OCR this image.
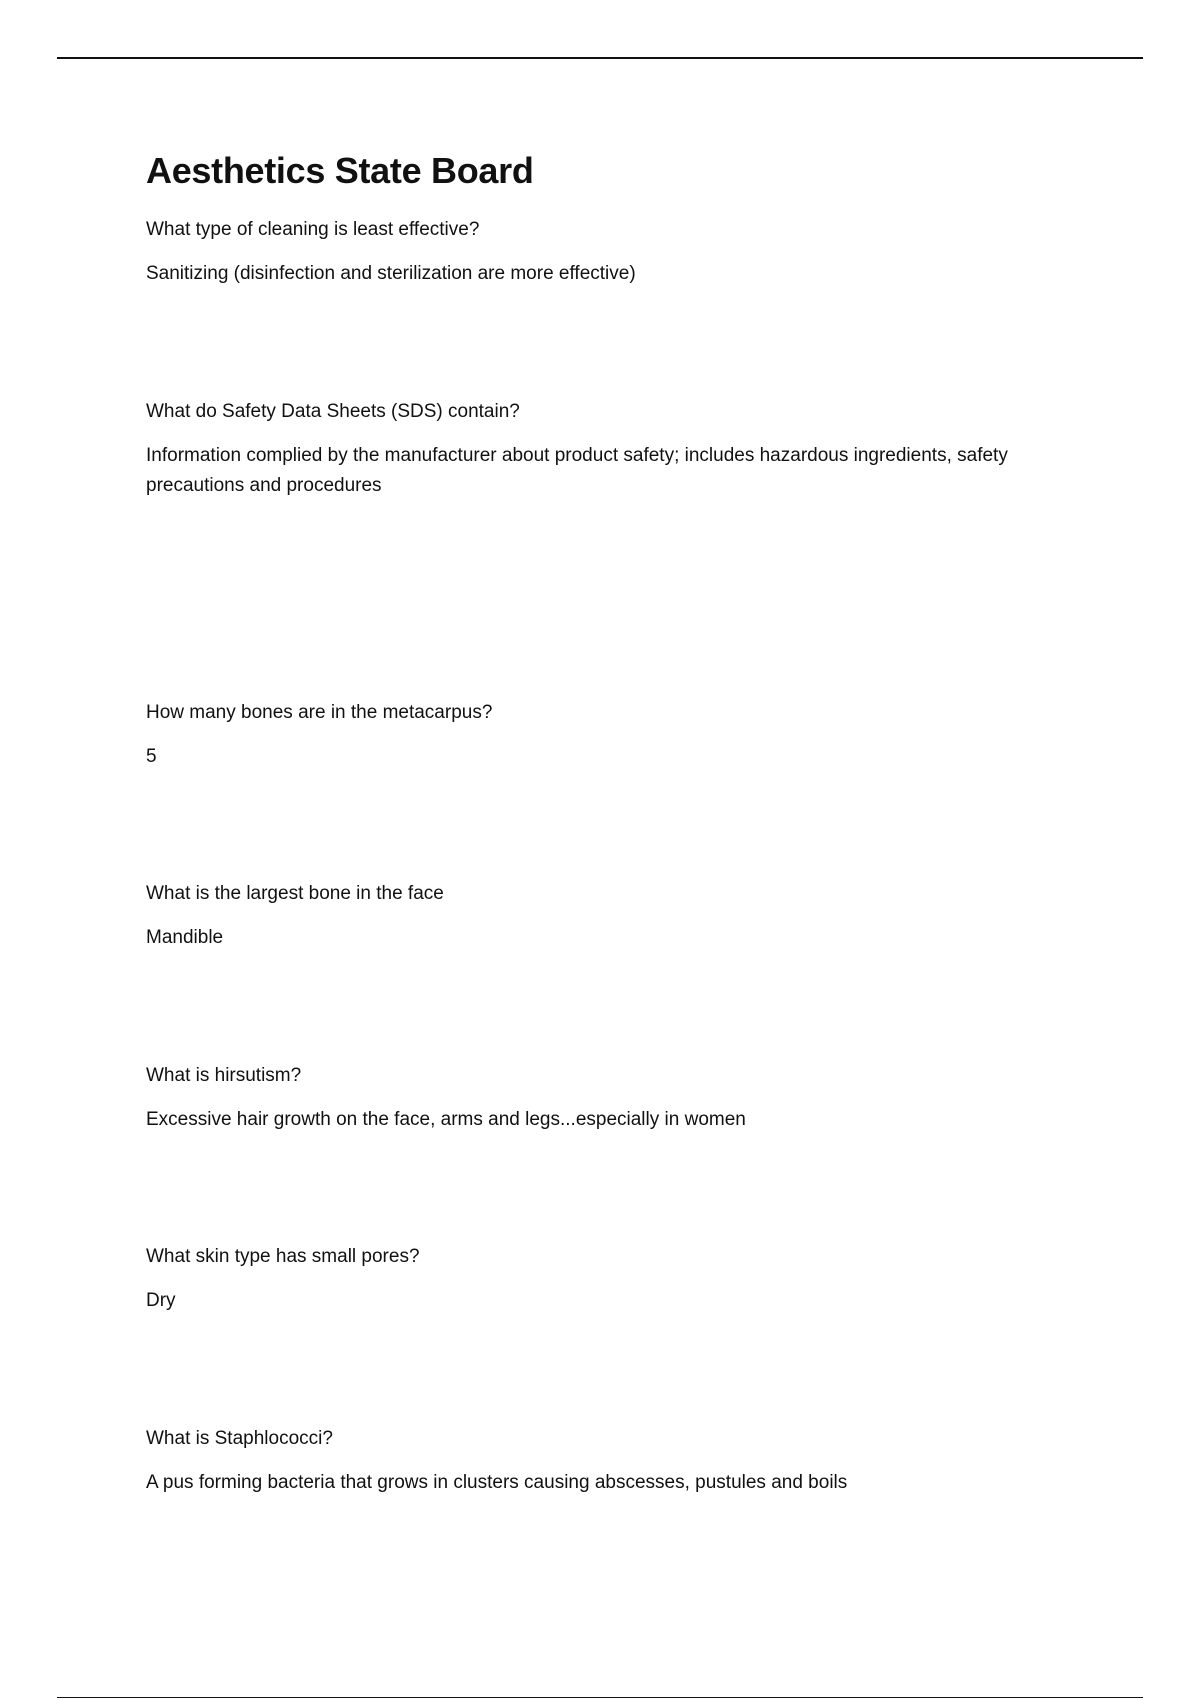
Aesthetics State Board

What type of cleaning is least effective?

Sanitizing (disinfection and sterilization are more effective)

What do Safety Data Sheets (SDS) contain?

Information complied by the manufacturer about product safety; includes hazardous ingredients, safety precautions and procedures

How many bones are in the metacarpus?

5

What is the largest bone in the face

Mandible

What is hirsutism?

Excessive hair growth on the face, arms and legs...especially in women

What skin type has small pores?

Dry

What is Staphlococci?

A pus forming bacteria that grows in clusters causing abscesses, pustules and boils
